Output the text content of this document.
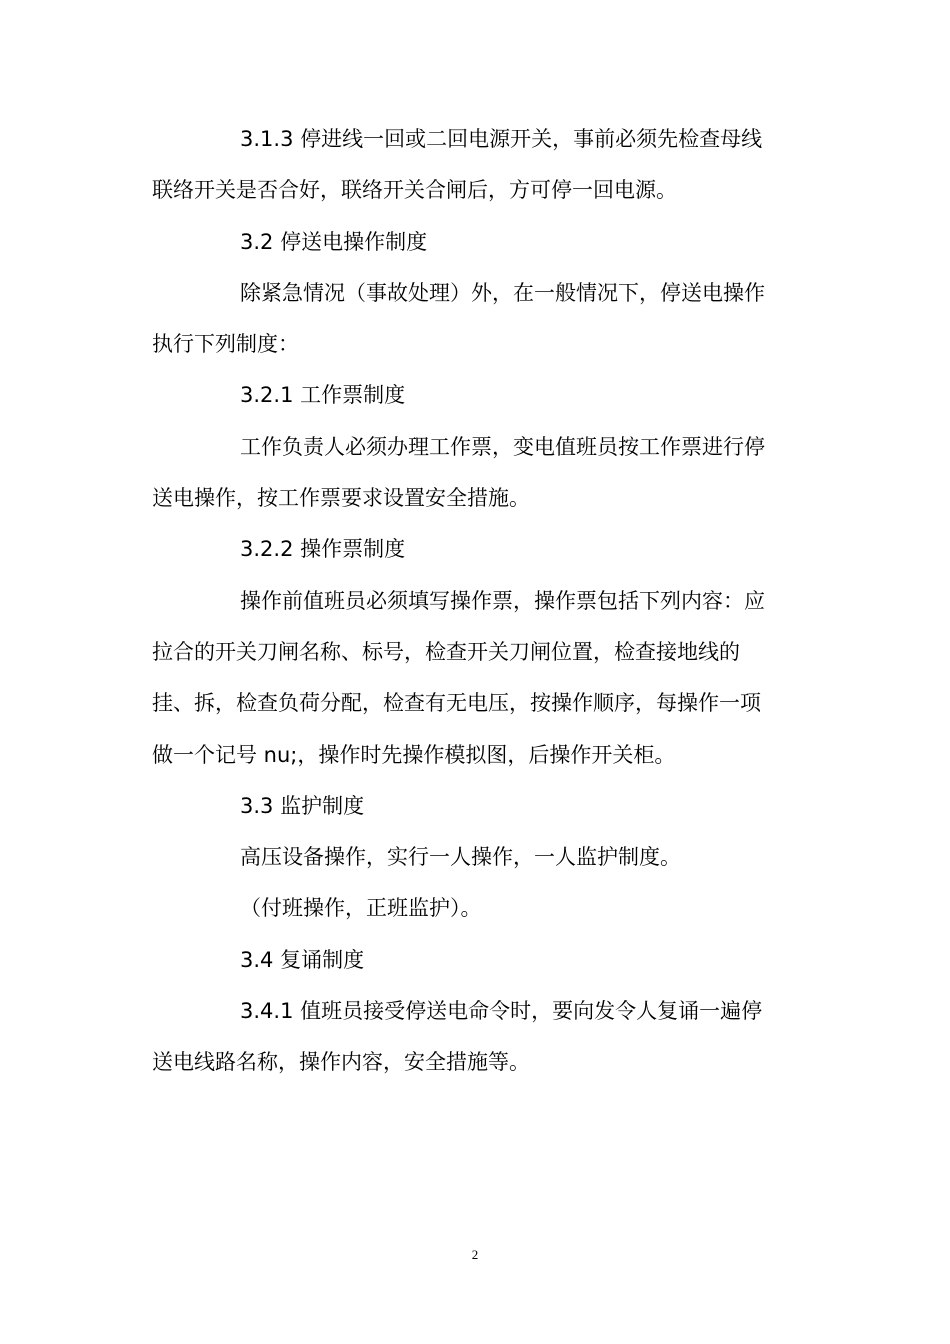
3.1.3 停进线一回或二回电源开关，事前必须先检查母线
联络开关是否合好，联络开关合闸后，方可停一回电源。
3.2 停送电操作制度
除紧急情况（事故处理）外，在一般情况下，停送电操作
执行下列制度：
3.2.1 工作票制度
工作负责人必须办理工作票，变电值班员按工作票进行停
送电操作，按工作票要求设置安全措施。
3.2.2 操作票制度
操作前值班员必须填写操作票，操作票包括下列内容：应
拉合的开关刀闸名称、标号，检查开关刀闸位置，检查接地线的
挂、拆，检查负荷分配，检查有无电压，按操作顺序，每操作一项
做一个记号 nu;，操作时先操作模拟图，后操作开关柜。
3.3 监护制度
高压设备操作，实行一人操作，一人监护制度。
（付班操作，正班监护）。
3.4 复诵制度
3.4.1 值班员接受停送电命令时，要向发令人复诵一遍停
送电线路名称，操作内容，安全措施等。
2
